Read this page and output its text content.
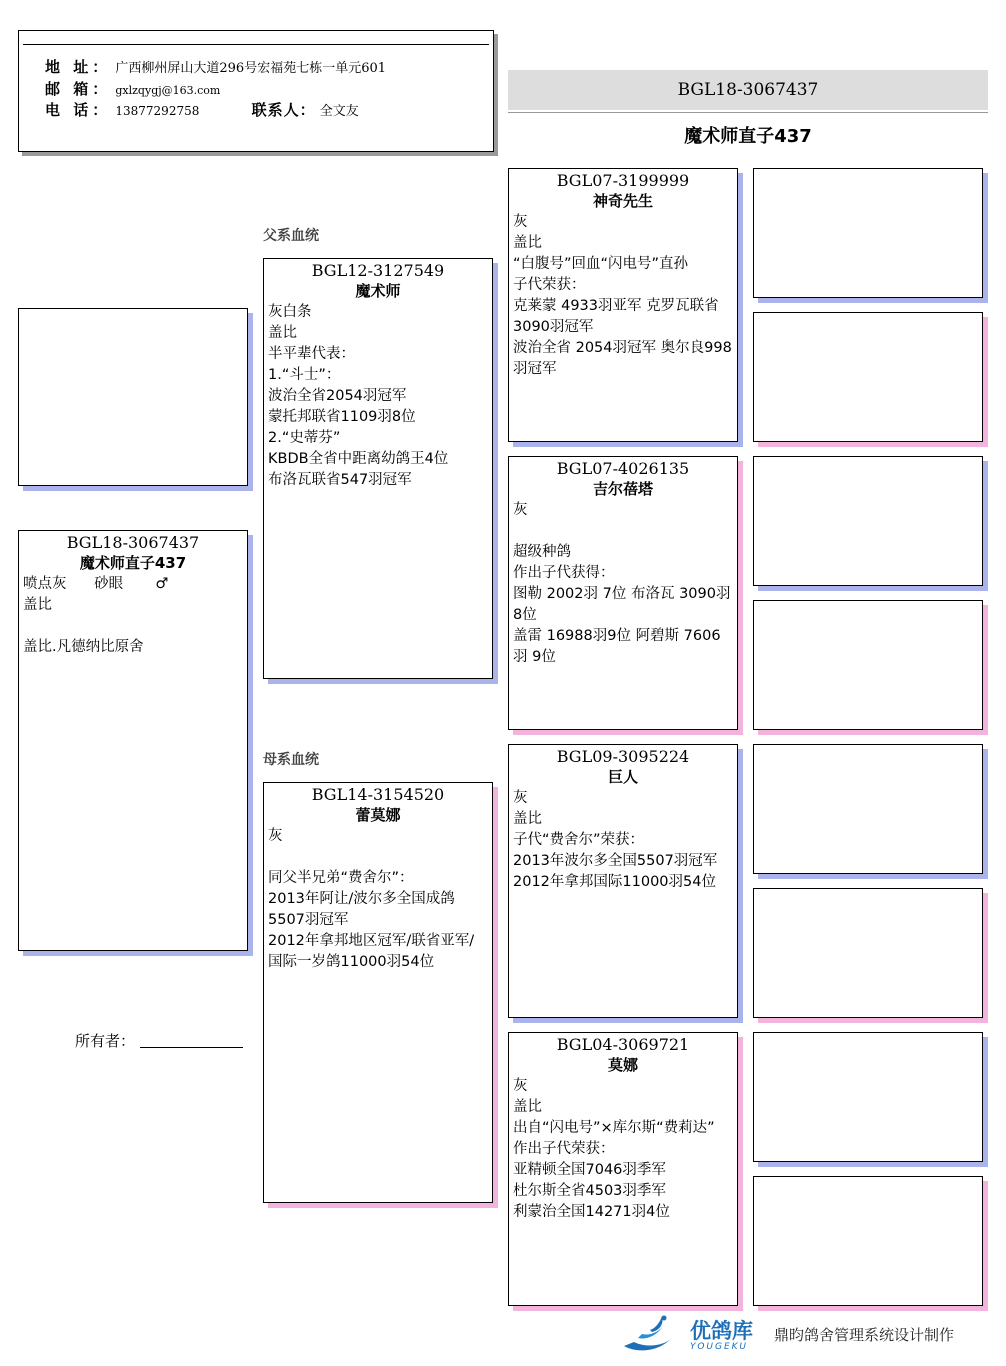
地 址： 广西柳州屏山大道296号宏福苑七栋一单元601
邮 箱： gxlzqygj@163.com
电 话： 13877292758	联系人： 全文友
BGL18-3067437
魔术师直子437
BGL18-3067437
魔术师直子437
喷点灰      砂眼       ♂
盖比
盖比.凡德纳比原舍
父系血统
母系血统
BGL12-3127549
魔术师
灰白条
盖比
半平辈代表：
1.“斗士”：
波治全省2054羽冠军
蒙托邦联省1109羽8位
2.“史蒂芬”
KBDB全省中距离幼鸽王4位
布洛瓦联省547羽冠军
BGL14-3154520
蕾莫娜
灰

同父半兄弟“费舍尔”：
2013年阿让/波尔多全国成鸽5507羽冠军
2012年拿邦地区冠军/联省亚军/国际一岁鸽11000羽54位
BGL07-3199999
神奇先生
灰
盖比
“白腹号”回血“闪电号”直孙
子代荣获：
克莱蒙 4933羽亚军 克罗瓦联省 3090羽冠军
波治全省 2054羽冠军 奥尔良998羽冠军
BGL07-4026135
吉尔蓓塔
灰

超级种鸽
作出子代获得：
图勒 2002羽 7位 布洛瓦 3090羽 8位
盖雷 16988羽9位 阿碧斯 7606羽 9位
BGL09-3095224
巨人
灰
盖比
子代“费舍尔”荣获：
2013年波尔多全国5507羽冠军
2012年拿邦国际11000羽54位
BGL04-3069721
莫娜
灰
盖比
出自“闪电号”×库尔斯“费莉达”
作出子代荣获：
亚精顿全国7046羽季军
杜尔斯全省4503羽季军
利蒙治全国14271羽4位
所有者：
优鸽库
YOUGEKU
鼎昀鸽舍管理系统设计制作
